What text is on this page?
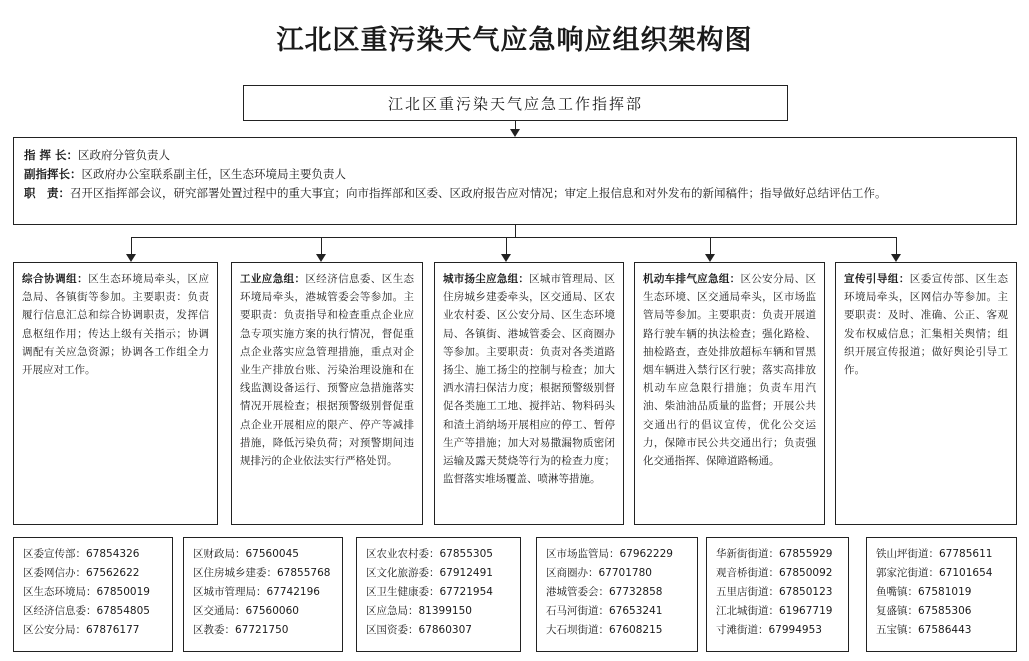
江北区重污染天气应急响应组织架构图
江北区重污染天气应急工作指挥部
指 挥 长：区政府分管负责人
副指挥长：区政府办公室联系副主任，区生态环境局主要负责人
职　责：召开区指挥部会议，研究部署处置过程中的重大事宜；向市指挥部和区委、区政府报告应对情况；审定上报信息和对外发布的新闻稿件；指导做好总结评估工作。
综合协调组：区生态环境局牵头，区应急局、各镇街等参加。主要职责：负责履行信息汇总和综合协调职责，发挥信息枢纽作用；传达上级有关指示；协调调配有关应急资源；协调各工作组全力开展应对工作。
工业应急组：区经济信息委、区生态环境局牵头，港城管委会等参加。主要职责：负责指导和检查重点企业应急专项实施方案的执行情况，督促重点企业落实应急管理措施，重点对企业生产排放台账、污染治理设施和在线监测设备运行、预警应急措施落实情况开展检查；根据预警级别督促重点企业开展相应的限产、停产等减排措施，降低污染负荷；对预警期间违规排污的企业依法实行严格处罚。
城市扬尘应急组：区城市管理局、区住房城乡建委牵头，区交通局、区农业农村委、区公安分局、区生态环境局、各镇街、港城管委会、区商圈办等参加。主要职责：负责对各类道路扬尘、施工扬尘的控制与检查；加大洒水清扫保洁力度；根据预警级别督促各类施工工地、搅拌站、物料码头和渣土消纳场开展相应的停工、暂停生产等措施；加大对易撒漏物质密闭运输及露天焚烧等行为的检查力度；监督落实堆场覆盖、喷淋等措施。
机动车排气应急组：区公安分局、区生态环境、区交通局牵头，区市场监管局等参加。主要职责：负责开展道路行驶车辆的执法检查；强化路检、抽检路查，查处排放超标车辆和冒黑烟车辆进入禁行区行驶；落实高排放机动车应急限行措施；负责车用汽油、柴油油品质量的监督；开展公共交通出行的倡议宣传，优化公交运力，保障市民公共交通出行；负责强化交通指挥、保障道路畅通。
宣传引导组：区委宣传部、区生态环境局牵头，区网信办等参加。主要职责：及时、准确、公正、客观发布权威信息；汇集相关舆情；组织开展宣传报道；做好舆论引导工作。
区委宣传部：67854326
区委网信办：67562622
区生态环境局：67850019
区经济信息委：67854805
区公安分局：67876177
区财政局：67560045
区住房城乡建委：67855768
区城市管理局：67742196
区交通局：67560060
区教委：67721750
区农业农村委：67855305
区文化旅游委：67912491
区卫生健康委：67721954
区应急局：81399150
区国资委：67860307
区市场监管局：67962229
区商圈办：67701780
港城管委会：67732858
石马河街道：67653241
大石坝街道：67608215
华新街街道：67855929
观音桥街道：67850092
五里店街道：67850123
江北城街道：61967719
寸滩街道：67994953
铁山坪街道：67785611
郭家沱街道：67101654
鱼嘴镇：67581019
复盛镇：67585306
五宝镇：67586443
